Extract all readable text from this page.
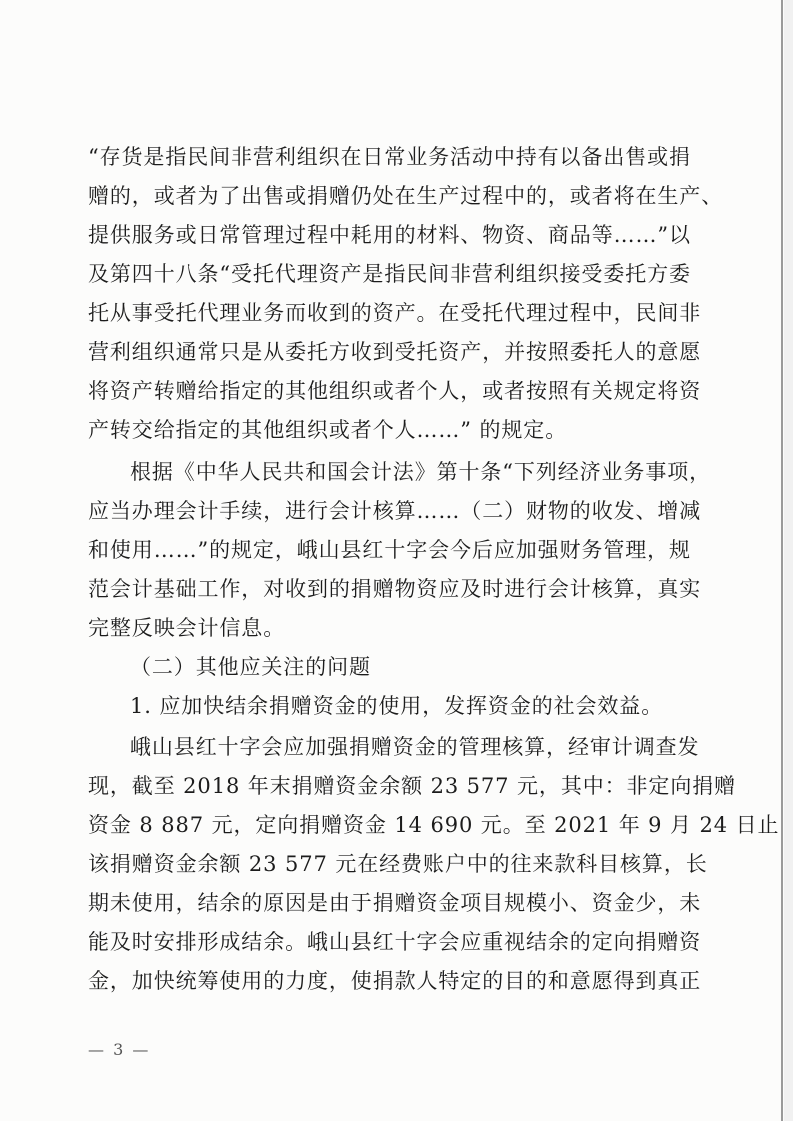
“存货是指民间非营利组织在日常业务活动中持有以备出售或捐
赠的，或者为了出售或捐赠仍处在生产过程中的，或者将在生产、
提供服务或日常管理过程中耗用的材料、物资、商品等……”以
及第四十八条“受托代理资产是指民间非营利组织接受委托方委
托从事受托代理业务而收到的资产。在受托代理过程中，民间非
营利组织通常只是从委托方收到受托资产，并按照委托人的意愿
将资产转赠给指定的其他组织或者个人，或者按照有关规定将资
产转交给指定的其他组织或者个人……” 的规定。
根据《中华人民共和国会计法》第十条“下列经济业务事项，
应当办理会计手续，进行会计核算……（二）财物的收发、增减
和使用……”的规定，峨山县红十字会今后应加强财务管理，规
范会计基础工作，对收到的捐赠物资应及时进行会计核算，真实
完整反映会计信息。
（二）其他应关注的问题
1. 应加快结余捐赠资金的使用，发挥资金的社会效益。
峨山县红十字会应加强捐赠资金的管理核算，经审计调查发
现，截至 2018 年末捐赠资金余额 23 577 元，其中：非定向捐赠
资金 8 887 元，定向捐赠资金 14 690 元。至 2021 年 9 月 24 日止
该捐赠资金余额 23 577 元在经费账户中的往来款科目核算，长
期未使用，结余的原因是由于捐赠资金项目规模小、资金少，未
能及时安排形成结余。峨山县红十字会应重视结余的定向捐赠资
金，加快统筹使用的力度，使捐款人特定的目的和意愿得到真正
— 3 —
